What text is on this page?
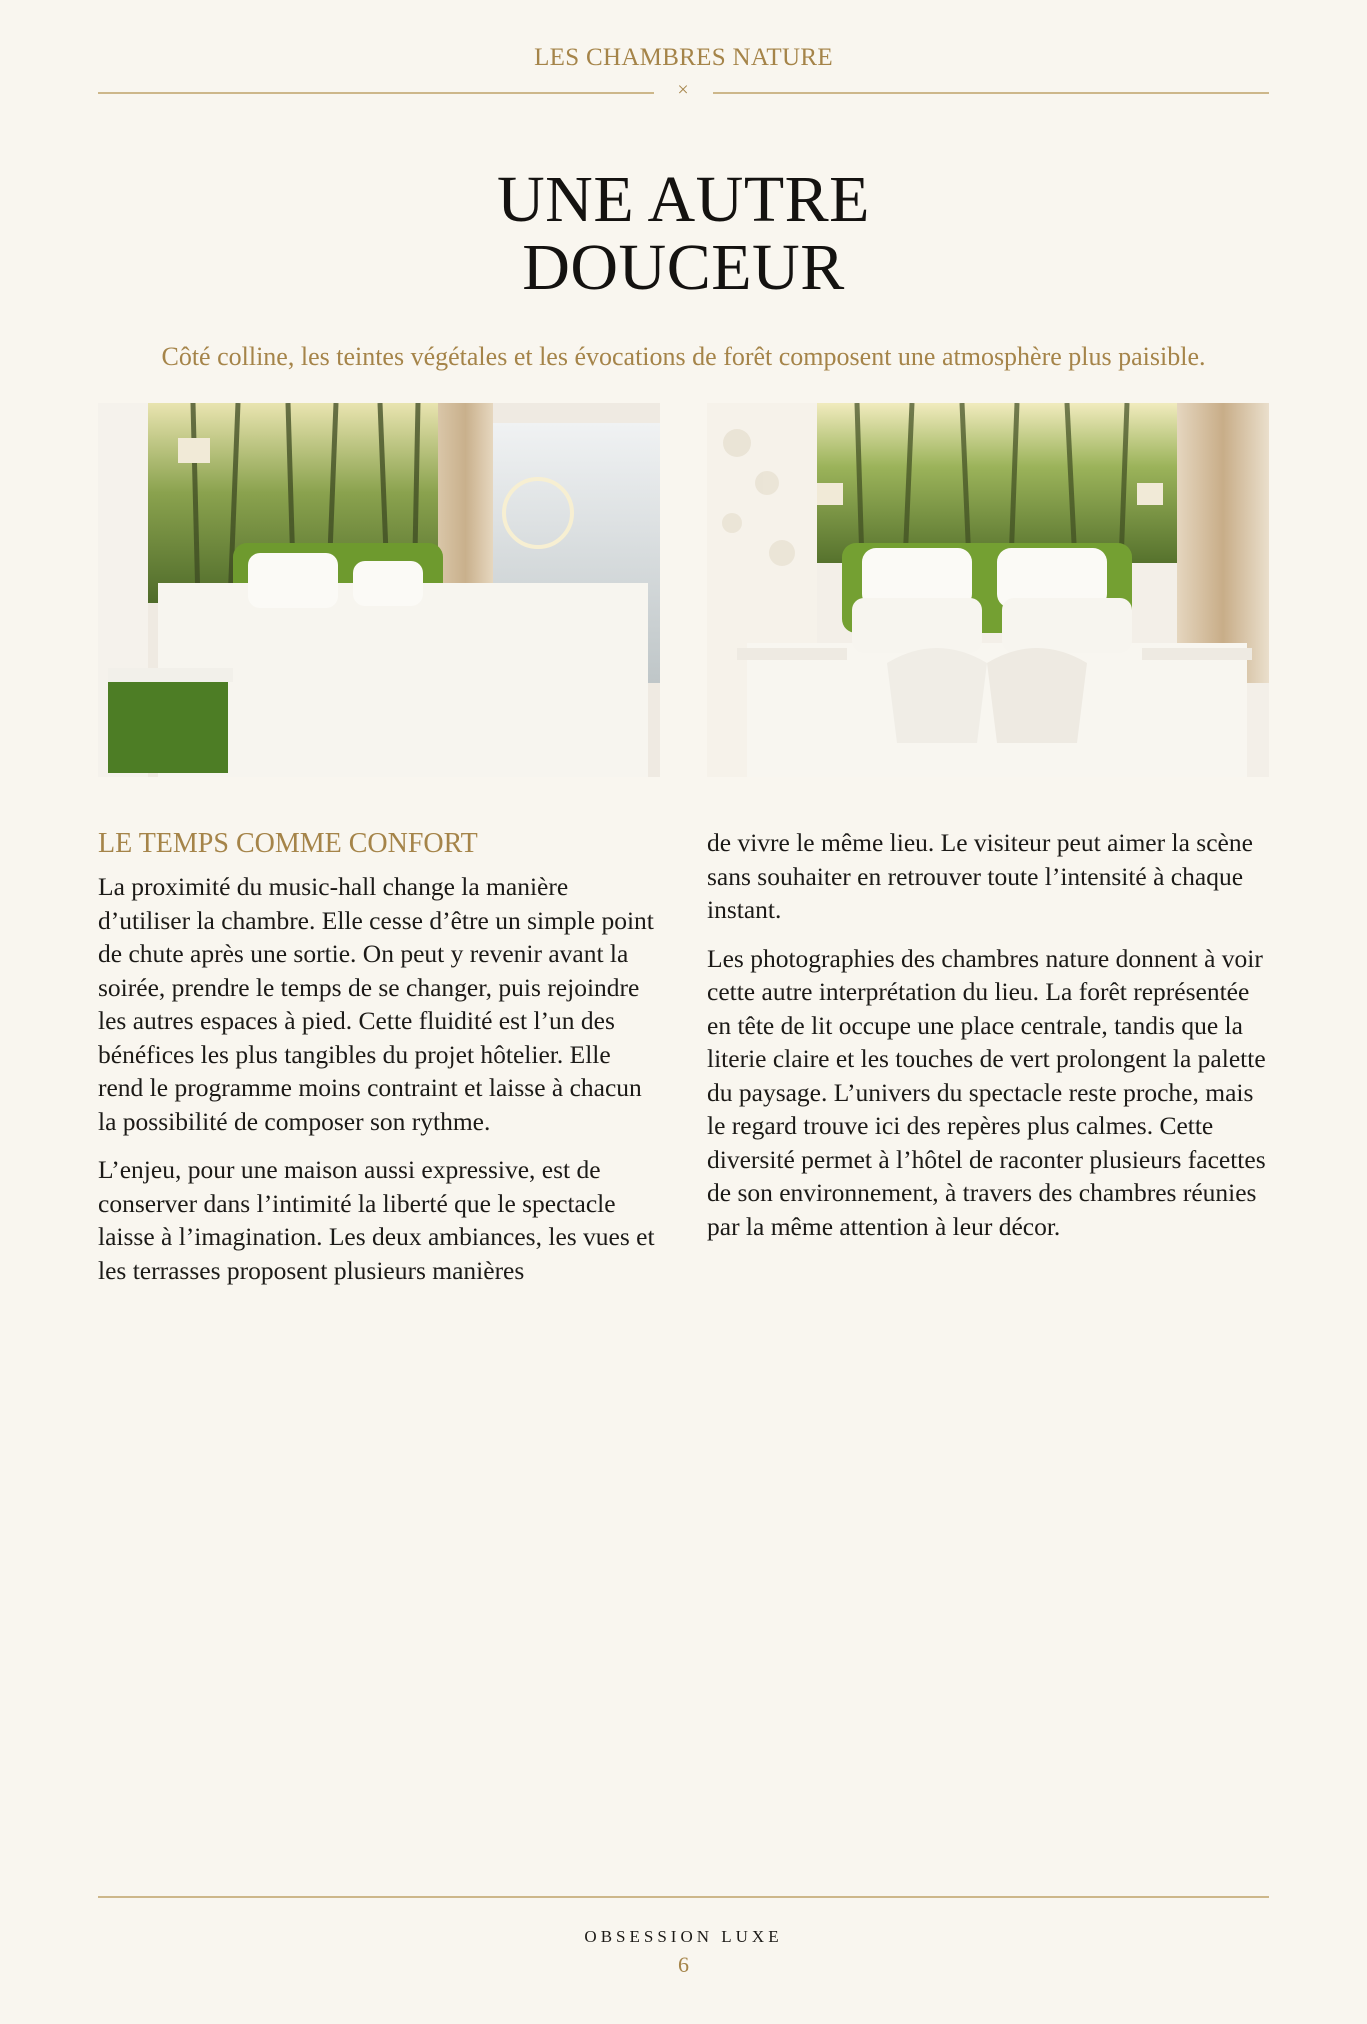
LES CHAMBRES NATURE
×
UNE AUTRE
DOUCEUR
Côté colline, les teintes végétales et les évocations de forêt composent une atmosphère plus paisible.
LE TEMPS COMME CONFORT

La proximité du music-hall change la manière d’utiliser la chambre. Elle cesse d’être un simple point de chute après une sortie. On peut y revenir avant la soirée, prendre le temps de se changer, puis rejoindre les autres espaces à pied. Cette fluidité est l’un des bénéfices les plus tangibles du projet hôtelier. Elle rend le programme moins contraint et laisse à chacun la possibilité de composer son rythme.

L’enjeu, pour une maison aussi expressive, est de conserver dans l’intimité la liberté que le spectacle laisse à l’imagination. Les deux ambiances, les vues et les terrasses proposent plusieurs manières

de vivre le même lieu. Le visiteur peut aimer la scène sans souhaiter en retrouver toute l’intensité à chaque instant.

Les photographies des chambres nature donnent à voir cette autre interprétation du lieu. La forêt représentée en tête de lit occupe une place centrale, tandis que la literie claire et les touches de vert prolongent la palette du paysage. L’univers du spectacle reste proche, mais le regard trouve ici des repères plus calmes. Cette diversité permet à l’hôtel de raconter plusieurs facettes de son environnement, à travers des chambres réunies par la même attention à leur décor.

OBSESSION LUXE
6
